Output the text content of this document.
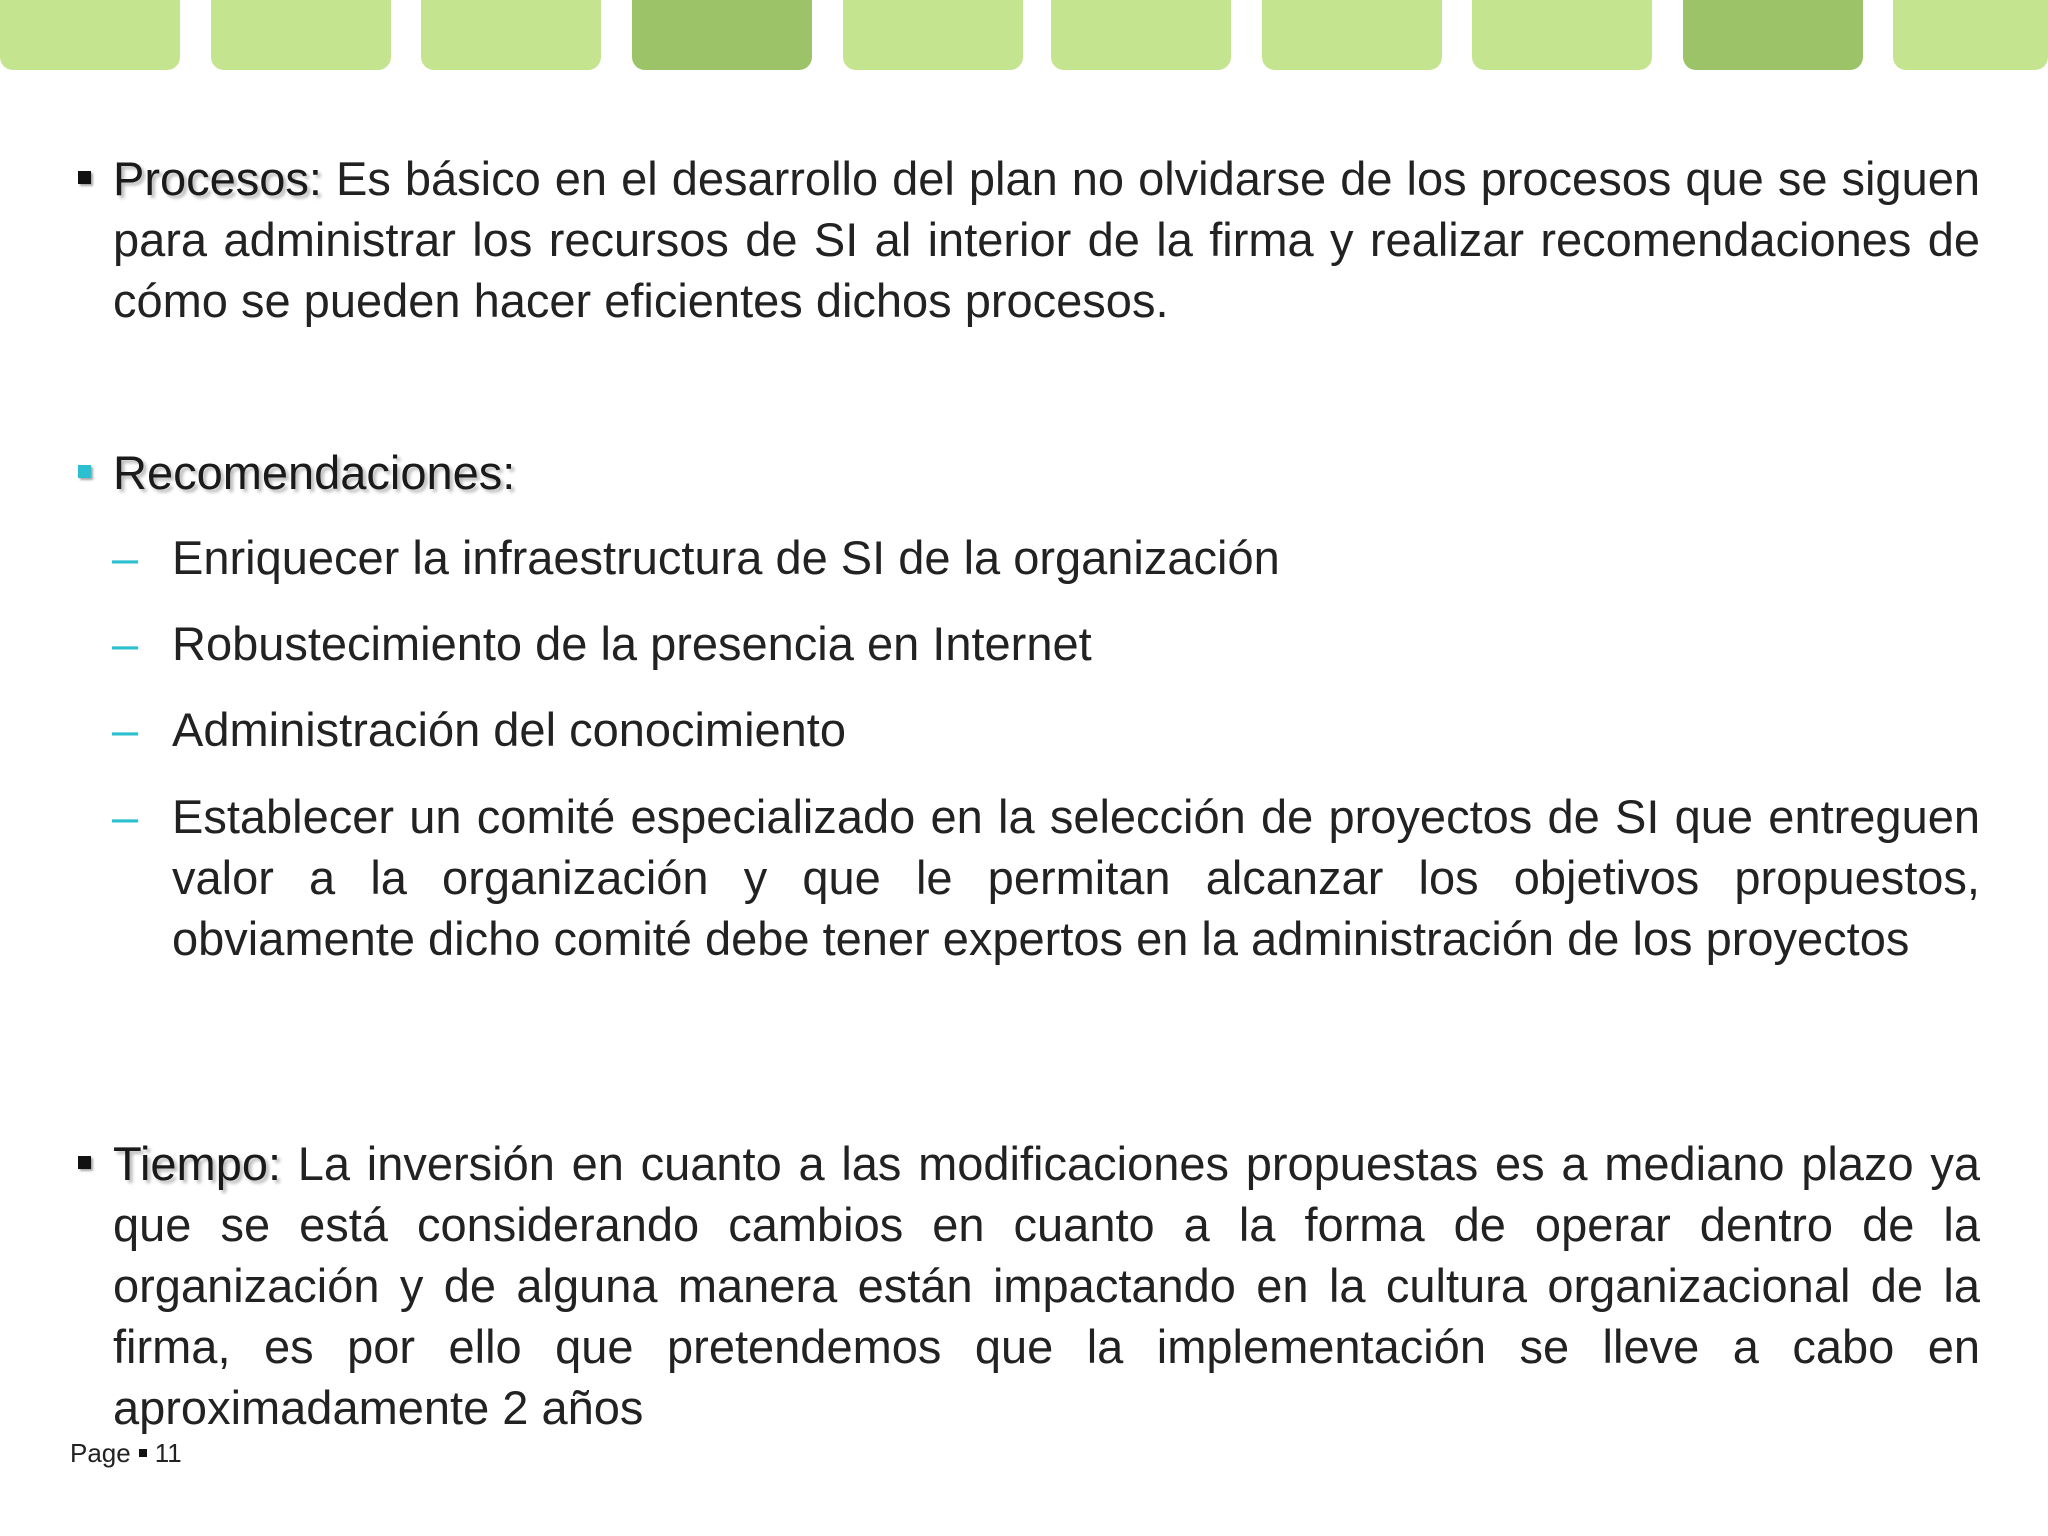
Procesos: Es básico en el desarrollo del plan no olvidarse de los procesos que se siguen para administrar los recursos de SI al interior de la firma y realizar recomendaciones de cómo se pueden hacer eficientes dichos procesos.
Recomendaciones:
– Enriquecer la infraestructura de SI de la organización
– Robustecimiento de la presencia en Internet
– Administración del conocimiento
– Establecer un comité especializado en la selección de proyectos de SI que entreguen valor a la organización y que le permitan alcanzar los objetivos propuestos, obviamente dicho comité debe tener expertos en la administración de los proyectos
Tiempo: La inversión en cuanto a las modificaciones propuestas es a mediano plazo ya que se está considerando cambios en cuanto a la forma de operar dentro de la organización y de alguna manera están impactando en la cultura organizacional de la firma, es por ello que pretendemos que la implementación se lleve a cabo en aproximadamente 2 años
Page 11
